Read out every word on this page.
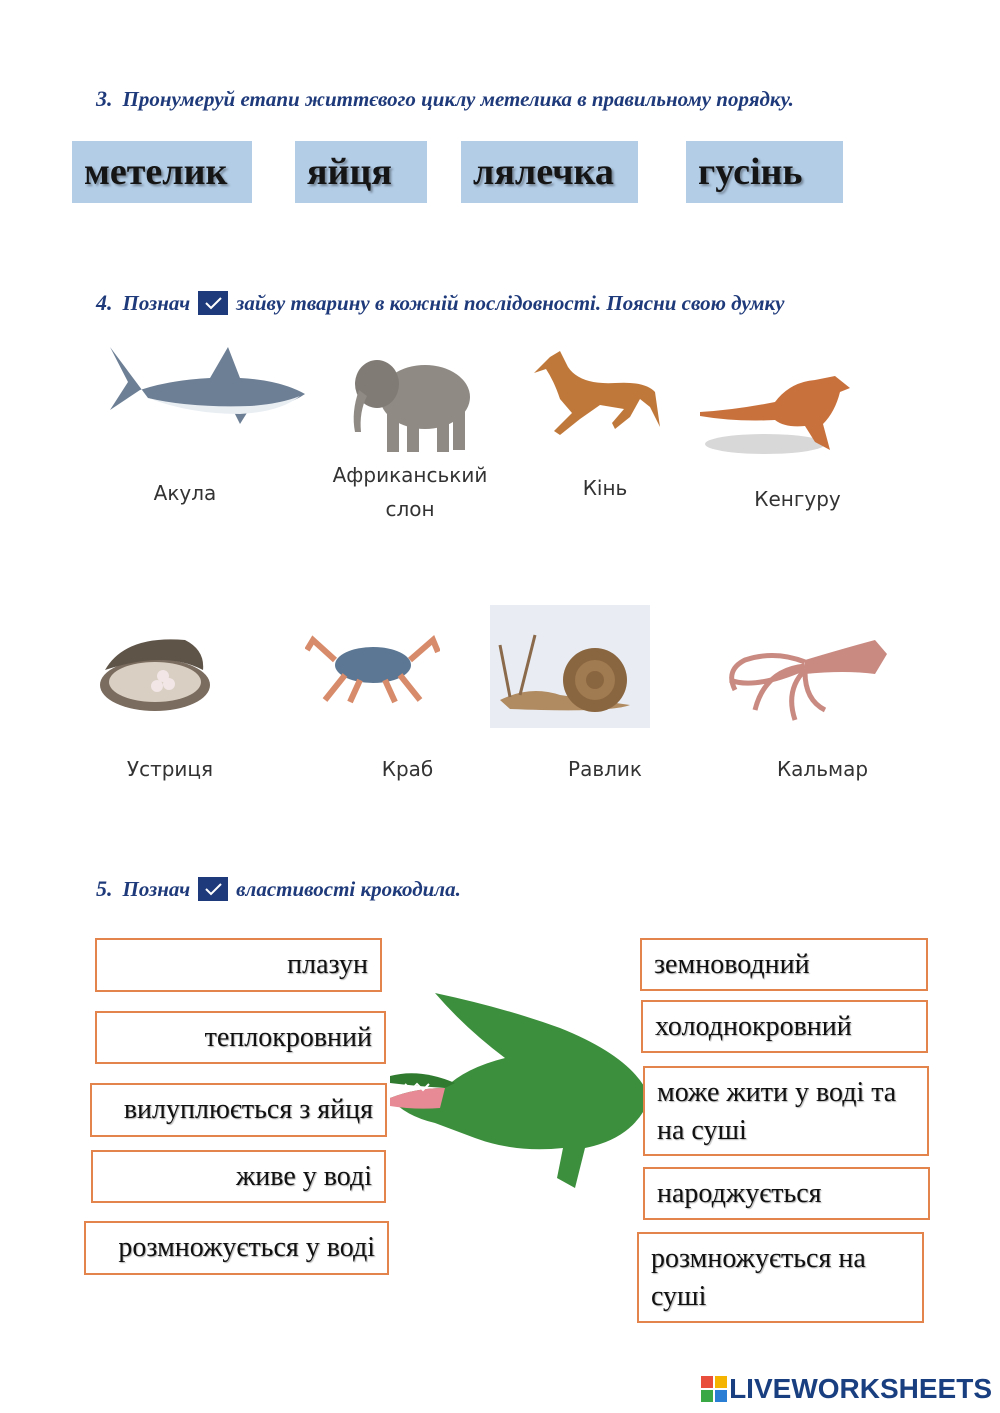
3. Пронумеруй етапи життєвого циклу метелика в правильному порядку.
метелик	яйця	лялечка	гусінь
4. Познач зайву тварину в кожній послідовності. Поясни свою думку
Акула
Африканський
слон
Кінь	Кенгуру
Устриця	Краб	Равлик	Кальмар
5. Познач властивості крокодила.
плазун
теплокровний
вилуплюється з яйця
живе у воді
розмножується у воді
земноводний
холоднокровний
може жити у воді та
на суші
народжується
розмножується на
суші
LIVEWORKSHEETS
